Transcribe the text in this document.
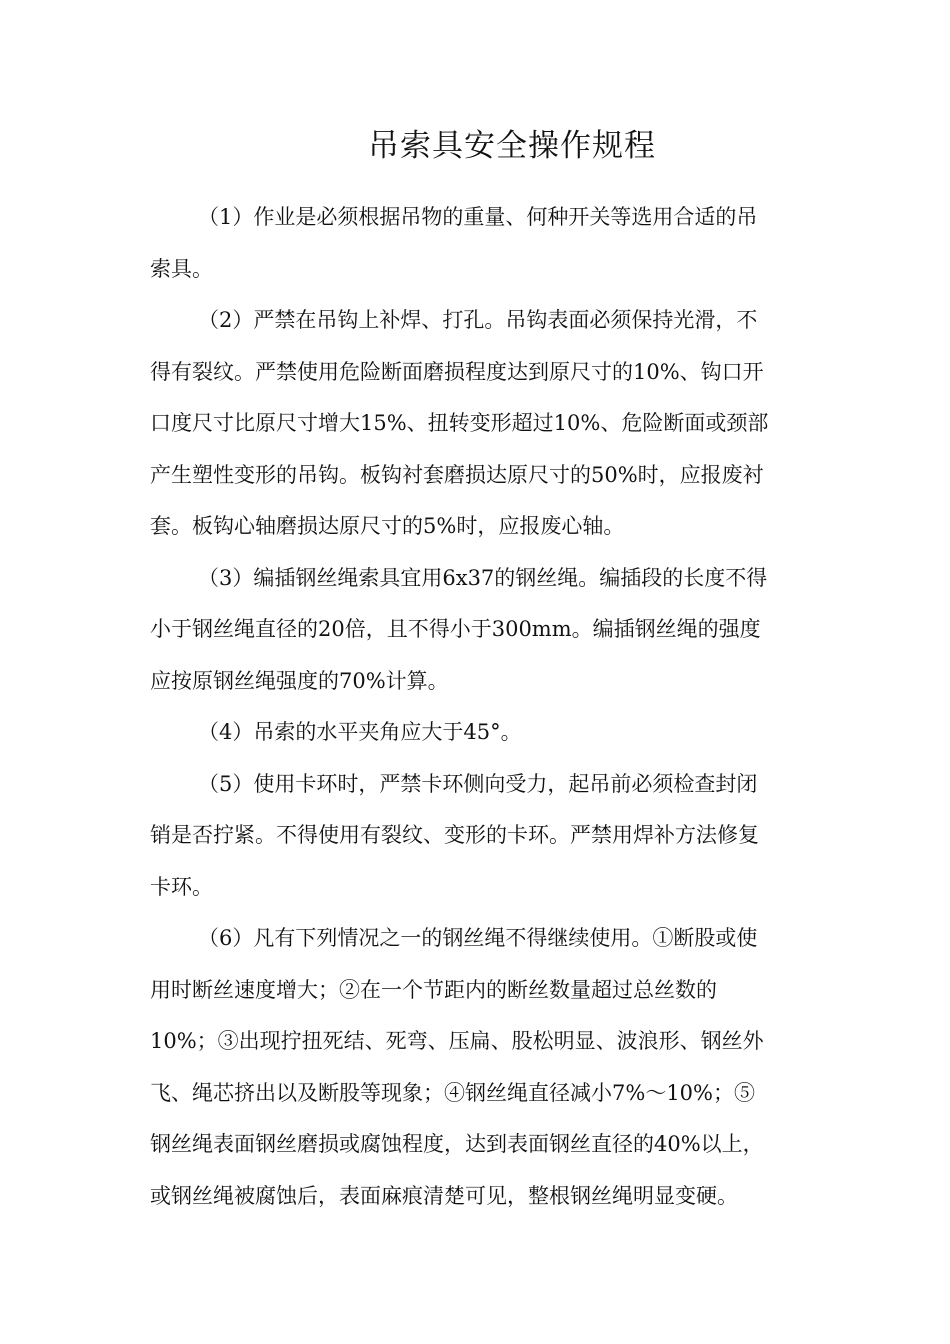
吊索具安全操作规程

（1）作业是必须根据吊物的重量、何种开关等选用合适的吊

索具。

（2）严禁在吊钩上补焊、打孔。吊钩表面必须保持光滑，不

得有裂纹。严禁使用危险断面磨损程度达到原尺寸的10%、钩口开

口度尺寸比原尺寸增大15%、扭转变形超过10%、危险断面或颈部

产生塑性变形的吊钩。板钩衬套磨损达原尺寸的50%时，应报废衬

套。板钩心轴磨损达原尺寸的5%时，应报废心轴。

（3）编插钢丝绳索具宜用6x37的钢丝绳。编插段的长度不得

小于钢丝绳直径的20倍，且不得小于300mm。编插钢丝绳的强度

应按原钢丝绳强度的70%计算。

（4）吊索的水平夹角应大于45°。

（5）使用卡环时，严禁卡环侧向受力，起吊前必须检查封闭

销是否拧紧。不得使用有裂纹、变形的卡环。严禁用焊补方法修复

卡环。

（6）凡有下列情况之一的钢丝绳不得继续使用。①断股或使

用时断丝速度增大；②在一个节距内的断丝数量超过总丝数的

10%；③出现拧扭死结、死弯、压扁、股松明显、波浪形、钢丝外

飞、绳芯挤出以及断股等现象；④钢丝绳直径减小7%～10%；⑤

钢丝绳表面钢丝磨损或腐蚀程度，达到表面钢丝直径的40%以上，

或钢丝绳被腐蚀后，表面麻痕清楚可见，整根钢丝绳明显变硬。
